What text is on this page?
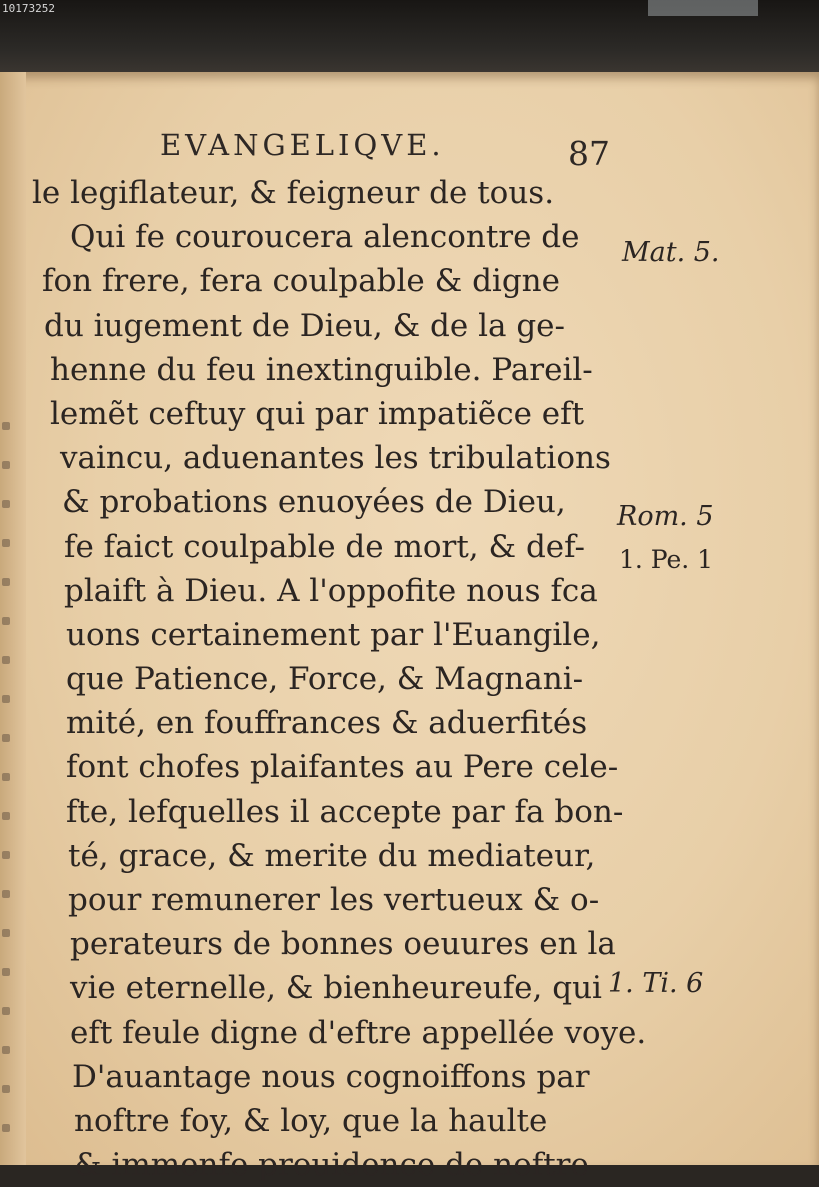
10173252
EVANGELIQVE.	87
le legiflateur, & feigneur de tous.
Qui fe couroucera alencontre de
fon frere, fera coulpable & digne
du iugement de Dieu, & de la ge-
henne du feu inextinguible. Pareil-
lemẽt ceftuy qui par impatiẽce eft
vaincu, aduenantes les tribulations
& probations enuoyées de Dieu,
fe faict coulpable de mort, & def-
plaift à Dieu. A l'oppofite nous fca
uons certainement par l'Euangile,
que Patience, Force, & Magnani-
mité, en fouffrances & aduerfités
font chofes plaifantes au Pere cele-
fte, lefquelles il accepte par fa bon-
té, grace, & merite du mediateur,
pour remunerer les vertueux & o-
perateurs de bonnes oeuures en la
vie eternelle, & bienheureufe, qui
eft feule digne d'eftre appellée voye.
D'auantage nous cognoiffons par
noftre foy, & loy, que la haulte
& immenfe prouidence de noftre
Mat. 5.
Rom. 5
1. Pe. 1
1. Ti. 6
